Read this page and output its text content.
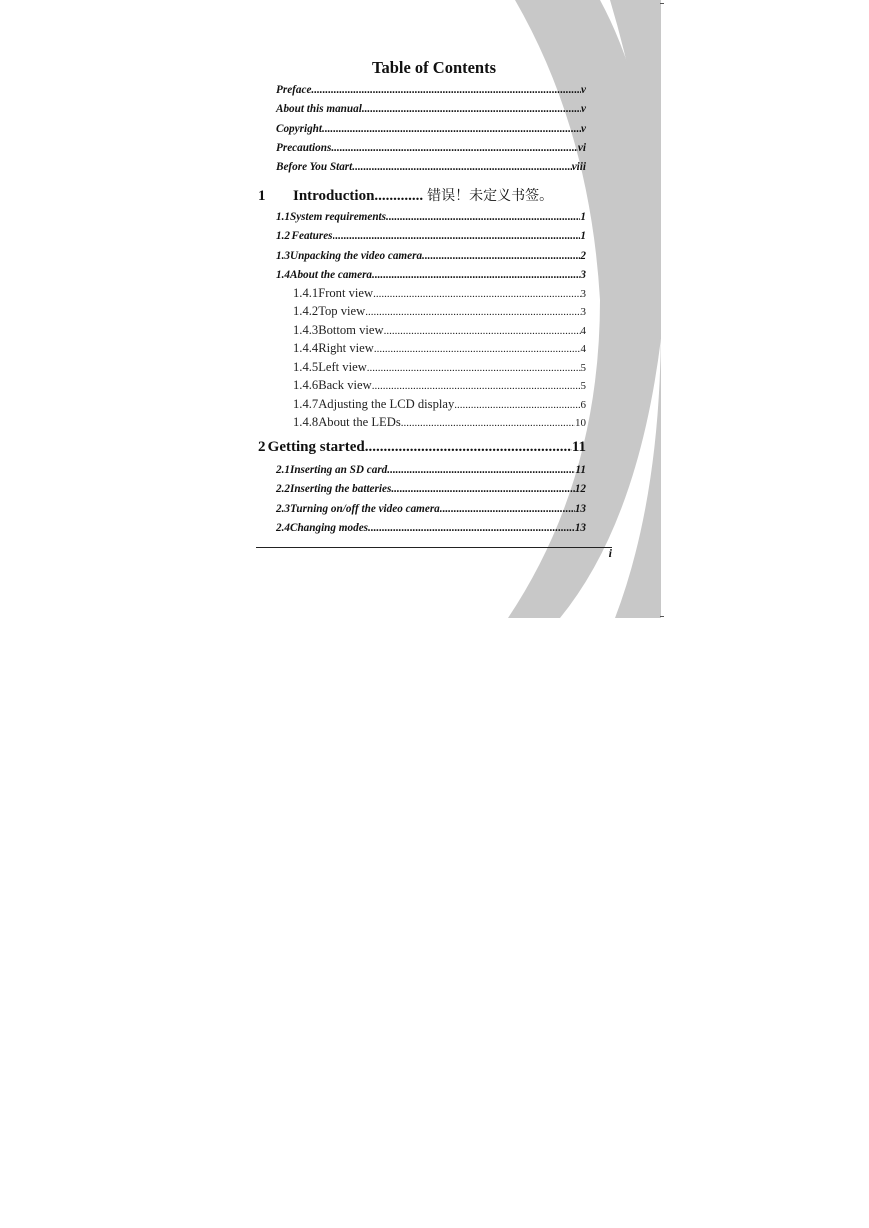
Table of Contents
Preface .....	v
About this manual .....	v
Copyright .....	v
Precautions .....	vi
Before You Start .....	viii
1	Introduction ............. 错误！未定义书签。
1.1 System requirements .....	1
1.2 Features .....	1
1.3 Unpacking the video camera .....	2
1.4 About the camera .....	3
1.4.1 Front view .....	3
1.4.2 Top view .....	3
1.4.3 Bottom view .....	4
1.4.4 Right view .....	4
1.4.5 Left view .....	5
1.4.6 Back view .....	5
1.4.7 Adjusting the LCD display .....	6
1.4.8 About the LEDs .....	10
2 Getting started .....	11
2.1 Inserting an SD card .....	11
2.2 Inserting the batteries .....	12
2.3 Turning on/off the video camera .....	13
2.4 Changing modes .....	13
i
